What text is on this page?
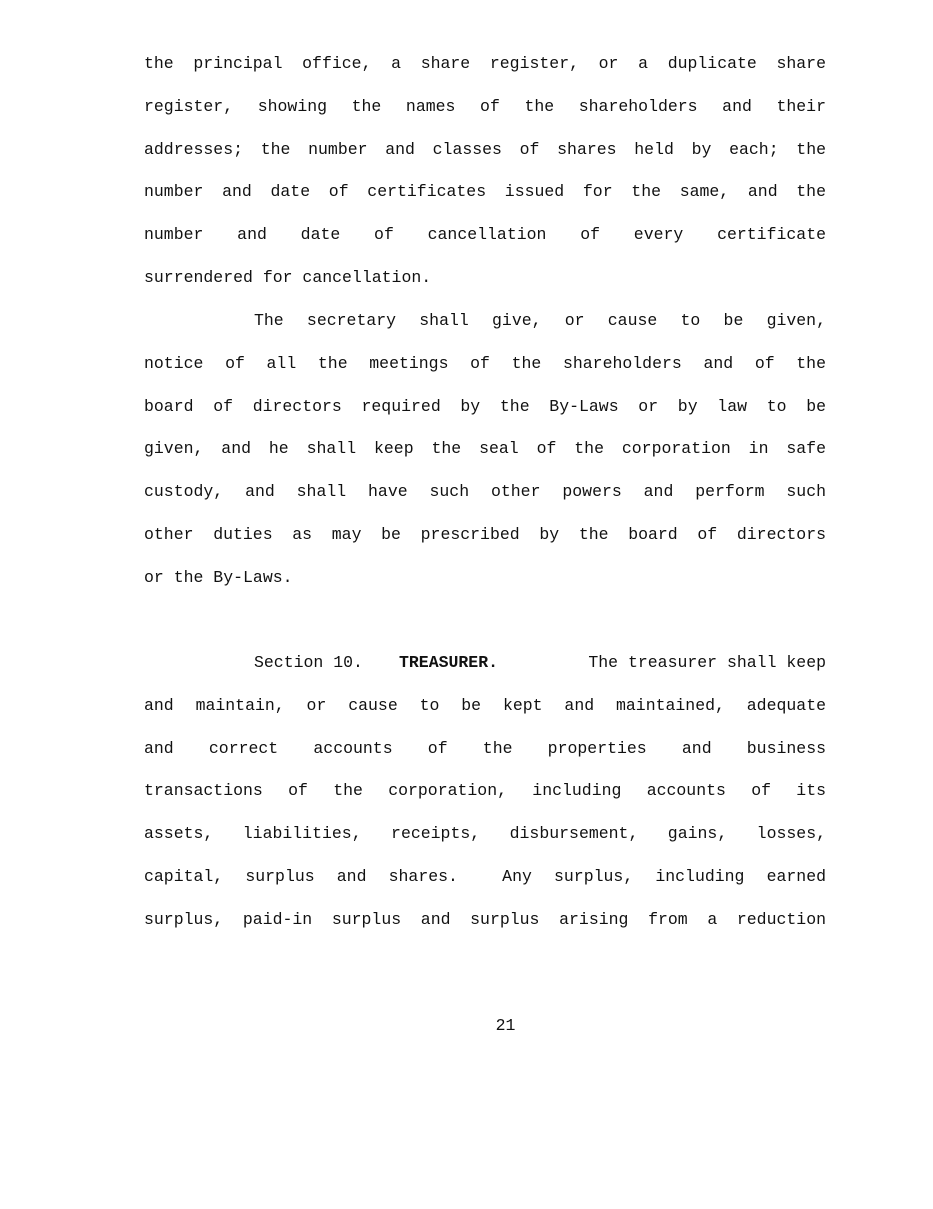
the principal office, a share register, or a duplicate share
register, showing the names of the shareholders and their
addresses; the number and classes of shares held by each; the
number and date of certificates issued for the same, and the
number and date of cancellation of every certificate
surrendered for cancellation.
The secretary shall give, or cause to be given,
notice of all the meetings of the shareholders and of the
board of directors required by the By-Laws or by law to be
given, and he shall keep the seal of the corporation in safe
custody, and shall have such other powers and perform such
other duties as may be prescribed by the board of directors
or the By-Laws.
Section 10. TREASURER.	The treasurer shall keep
and maintain, or cause to be kept and maintained, adequate
and correct accounts of the properties and business
transactions of the corporation, including accounts of its
assets, liabilities, receipts, disbursement, gains, losses,
capital, surplus and shares.  Any surplus, including earned
surplus, paid-in surplus and surplus arising from a reduction
21
